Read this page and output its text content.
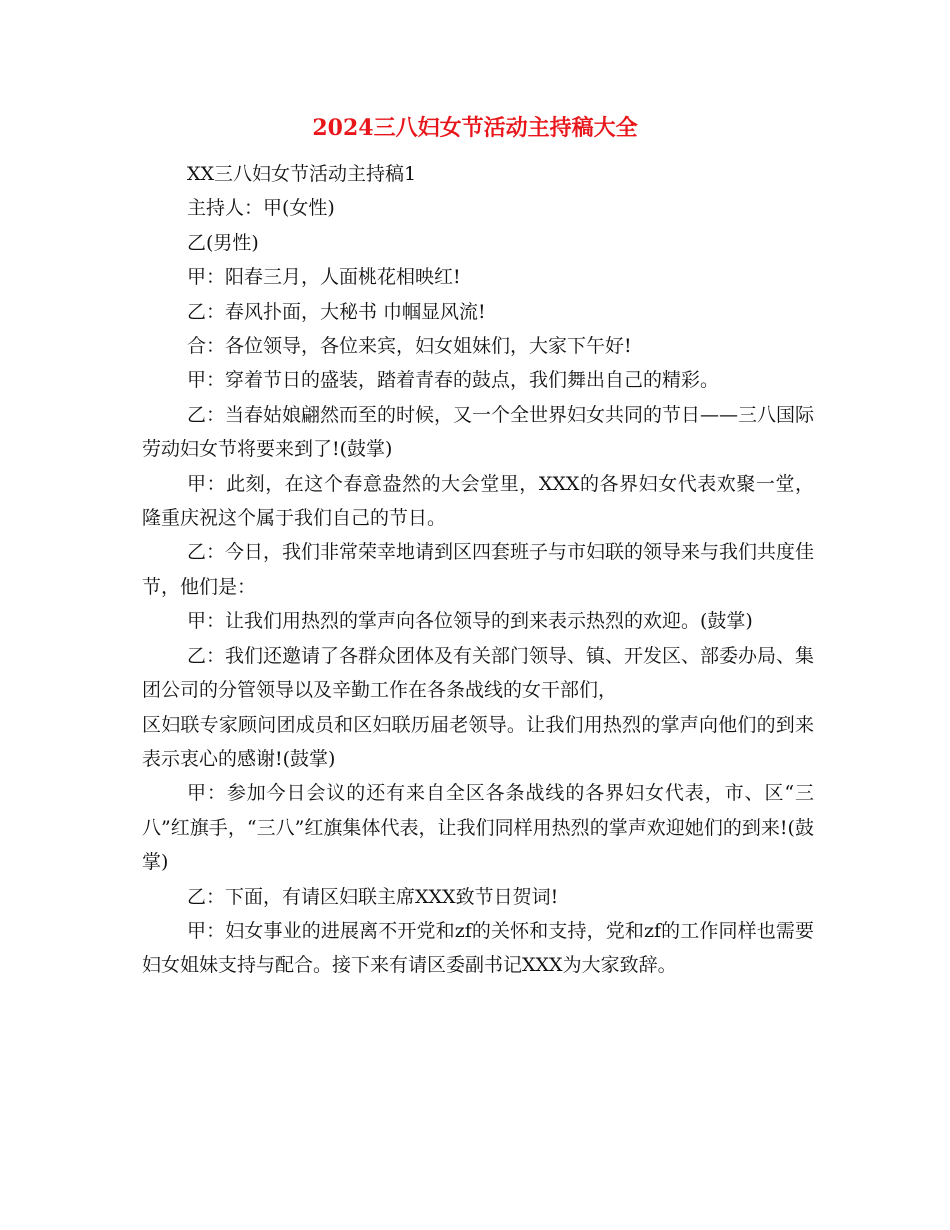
2024三八妇女节活动主持稿大全

XX三八妇女节活动主持稿1

主持人：甲(女性)

乙(男性)

甲：阳春三月，人面桃花相映红!

乙：春风扑面，大秘书 巾帼显风流!

合：各位领导，各位来宾，妇女姐妹们，大家下午好!

甲：穿着节日的盛装，踏着青春的鼓点，我们舞出自己的精彩。

乙：当春姑娘翩然而至的时候，又一个全世界妇女共同的节日——三八国际劳动妇女节将要来到了!(鼓掌)

甲：此刻，在这个春意盎然的大会堂里，XXX的各界妇女代表欢聚一堂，隆重庆祝这个属于我们自己的节日。

乙：今日，我们非常荣幸地请到区四套班子与市妇联的领导来与我们共度佳节，他们是：

甲：让我们用热烈的掌声向各位领导的到来表示热烈的欢迎。(鼓掌)

乙：我们还邀请了各群众团体及有关部门领导、镇、开发区、部委办局、集团公司的分管领导以及辛勤工作在各条战线的女干部们，

区妇联专家顾问团成员和区妇联历届老领导。让我们用热烈的掌声向他们的到来表示衷心的感谢!(鼓掌)

甲：参加今日会议的还有来自全区各条战线的各界妇女代表，市、区“三八”红旗手，“三八”红旗集体代表，让我们同样用热烈的掌声欢迎她们的到来!(鼓掌)

乙：下面，有请区妇联主席XXX致节日贺词!

甲：妇女事业的进展离不开党和zf的关怀和支持，党和zf的工作同样也需要妇女姐妹支持与配合。接下来有请区委副书记XXX为大家致辞。
